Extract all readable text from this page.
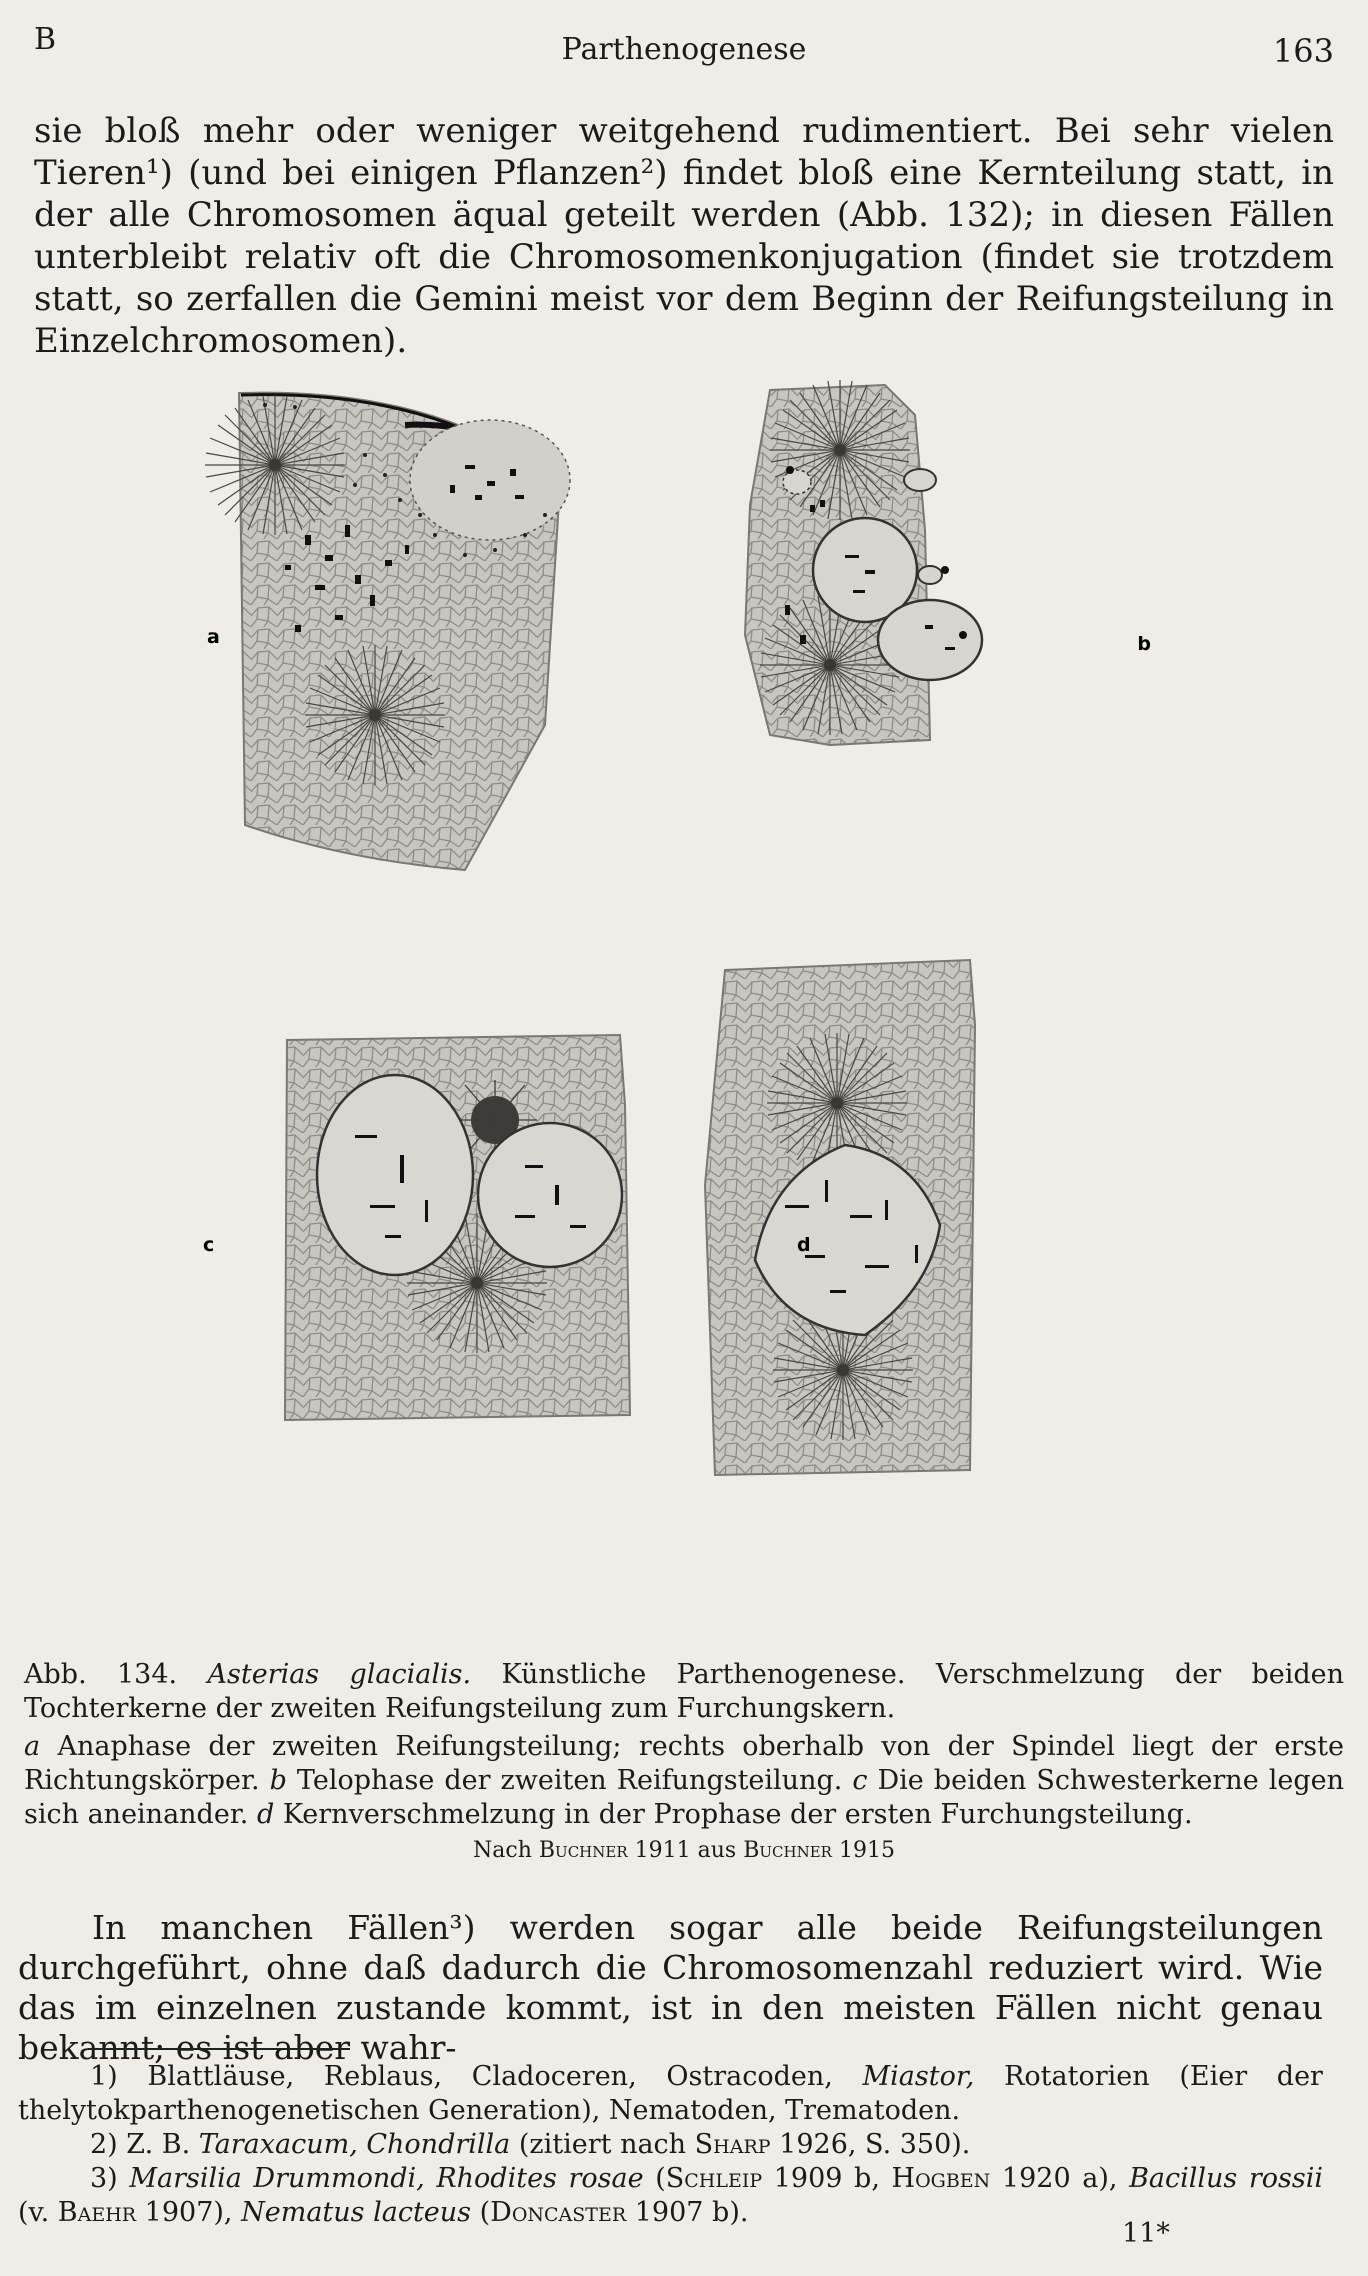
B	Parthenogenese	163

sie bloß mehr oder weniger weitgehend rudimentiert. Bei sehr vielen Tieren¹) (und bei einigen Pflanzen²) findet bloß eine Kernteilung statt, in der alle Chromosomen äqual geteilt werden (Abb. 132); in diesen Fällen unterbleibt relativ oft die Chromosomenkonjugation (findet sie trotzdem statt, so zerfallen die Gemini meist vor dem Beginn der Reifungsteilung in Einzelchromosomen).

a	b
c	d
Abb. 134. Asterias glacialis. Künstliche Parthenogenese. Verschmelzung der beiden Tochterkerne der zweiten Reifungsteilung zum Furchungskern.
a Anaphase der zweiten Reifungsteilung; rechts oberhalb von der Spindel liegt der erste Richtungskörper. b Telophase der zweiten Reifungsteilung. c Die beiden Schwesterkerne legen sich aneinander. d Kernverschmelzung in der Prophase der ersten Furchungsteilung.
Nach Buchner 1911 aus Buchner 1915

In manchen Fällen³) werden sogar alle beide Reifungsteilungen durchgeführt, ohne daß dadurch die Chromosomenzahl reduziert wird. Wie das im einzelnen zustande kommt, ist in den meisten Fällen nicht genau bekannt; es ist aber wahr-

1) Blattläuse, Reblaus, Cladoceren, Ostracoden, Miastor, Rotatorien (Eier der thelytokparthenogenetischen Generation), Nematoden, Trematoden.

2) Z. B. Taraxacum, Chondrilla (zitiert nach Sharp 1926, S. 350).

3) Marsilia Drummondi, Rhodites rosae (Schleip 1909 b, Hogben 1920 a), Bacillus rossii (v. Baehr 1907), Nematus lacteus (Doncaster 1907 b).

11*
